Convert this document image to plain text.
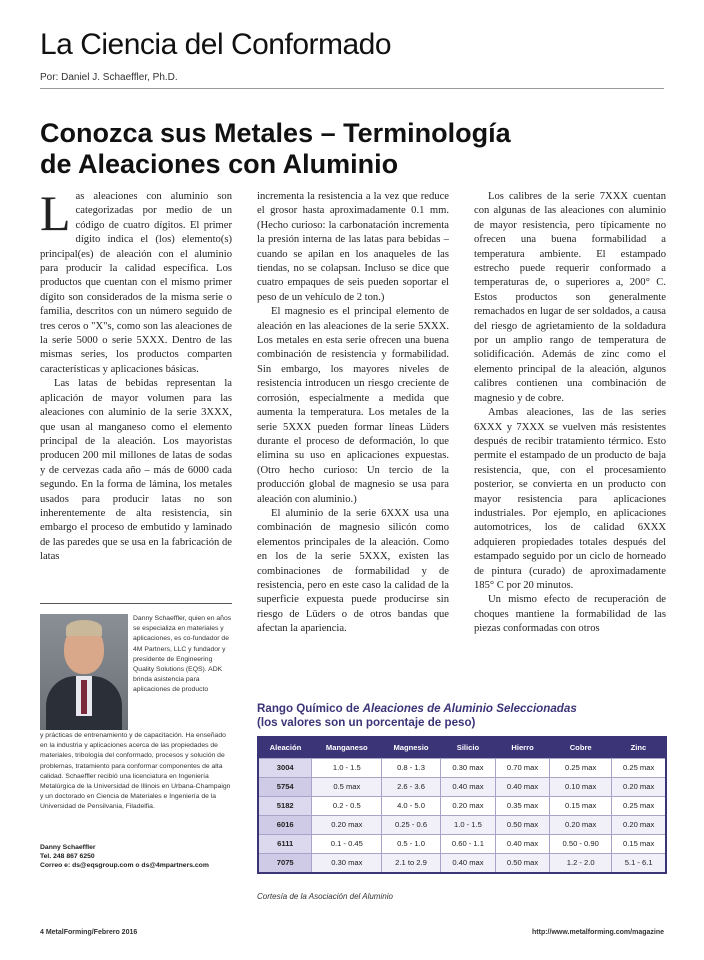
La Ciencia del Conformado
Por: Daniel J. Schaeffler, Ph.D.
Conozca sus Metales – Terminología
de Aleaciones con Aluminio

Las aleaciones con aluminio son categorizadas por medio de un código de cuatro dígitos. El primer dígito indica el (los) elemento(s) principal(es) de aleación con el aluminio para producir la calidad específica. Los productos que cuentan con el mismo primer dígito son considerados de la misma serie o familia, descritos con un número seguido de tres ceros o "X"s, como son las aleaciones de la serie 5000 o serie 5XXX. Dentro de las mismas series, los productos comparten características y aplicaciones básicas.

Las latas de bebidas representan la aplicación de mayor volumen para las aleaciones con aluminio de la serie 3XXX, que usan al manganeso como el elemento principal de la aleación. Los mayoristas producen 200 mil millones de latas de sodas y de cervezas cada año – más de 6000 cada segundo. En la forma de lámina, los metales usados para producir latas no son inherentemente de alta resistencia, sin embargo el proceso de embutido y laminado de las paredes que se usa en la fabricación de latas

incrementa la resistencia a la vez que reduce el grosor hasta aproximadamente 0.1 mm. (Hecho curioso: la carbonatación incrementa la presión interna de las latas para bebidas – cuando se apilan en los anaqueles de las tiendas, no se colapsan. Incluso se dice que cuatro empaques de seis pueden soportar el peso de un vehículo de 2 ton.)

El magnesio es el principal elemento de aleación en las aleaciones de la serie 5XXX. Los metales en esta serie ofrecen una buena combinación de resistencia y formabilidad. Sin embargo, los mayores niveles de resistencia introducen un riesgo creciente de corrosión, especialmente a medida que aumenta la temperatura. Los metales de la serie 5XXX pueden formar líneas Lüders durante el proceso de deformación, lo que elimina su uso en aplicaciones expuestas. (Otro hecho curioso: Un tercio de la producción global de magnesio se usa para aleación con aluminio.)

El aluminio de la serie 6XXX usa una combinación de magnesio silicón como elementos principales de la aleación. Como en los de la serie 5XXX, existen las combinaciones de formabilidad y de resistencia, pero en este caso la calidad de la superficie expuesta puede producirse sin riesgo de Lüders o de otros bandas que afectan la apariencia.

Los calibres de la serie 7XXX cuentan con algunas de las aleaciones con aluminio de mayor resistencia, pero típicamente no ofrecen una buena formabilidad a temperatura ambiente. El estampado estrecho puede requerir conformado a temperaturas de, o superiores a, 200° C. Estos productos son generalmente remachados en lugar de ser soldados, a causa del riesgo de agrietamiento de la soldadura por un amplio rango de temperatura de solidificación. Además de zinc como el elemento principal de la aleación, algunos calibres contienen una combinación de magnesio y de cobre.

Ambas aleaciones, las de las series 6XXX y 7XXX se vuelven más resistentes después de recibir tratamiento térmico. Esto permite el estampado de un producto de baja resistencia, que, con el procesamiento posterior, se convierta en un producto con mayor resistencia para aplicaciones industriales. Por ejemplo, en aplicaciones automotrices, los de calidad 6XXX adquieren propiedades totales después del estampado seguido por un ciclo de horneado de pintura (curado) de aproximadamente 185° C por 20 minutos.

Un mismo efecto de recuperación de choques mantiene la formabilidad de las piezas conformadas con otros

Danny Schaeffler, quien en años se especializa en materiales y aplicaciones, es co-fundador de 4M Partners, LLC y fundador y presidente de Engineering Quality Solutions (EQS). ADK brinda asistencia para aplicaciones de producto
y prácticas de entrenamiento y de capacitación. Ha enseñado en la industria y aplicaciones acerca de las propiedades de materiales, tribología del conformado, procesos y solución de problemas, tratamiento para conformar componentes de alta calidad. Schaeffler recibió una licenciatura en Ingeniería Metalúrgica de la Universidad de Illinois en Urbana-Champaign y un doctorado en Ciencia de Materiales e Ingeniería de la Universidad de Pensilvania, Filadelfia.
Danny Schaeffler
Tel. 248 867 6250
Correo e: ds@eqsgroup.com o ds@4mpartners.com
Rango Químico de Aleaciones de Aluminio Seleccionadas
(los valores son un porcentaje de peso)
Aleación	Manganeso	Magnesio	Silicio	Hierro	Cobre	Zinc
3004	1.0 - 1.5	0.8 - 1.3	0.30 max	0.70 max	0.25 max	0.25 max
5754	0.5 max	2.6 - 3.6	0.40 max	0.40 max	0.10 max	0.20 max
5182	0.2 - 0.5	4.0 - 5.0	0.20 max	0.35 max	0.15 max	0.25 max
6016	0.20 max	0.25 - 0.6	1.0 - 1.5	0.50 max	0.20 max	0.20 max
6111	0.1 - 0.45	0.5 - 1.0	0.60 - 1.1	0.40 max	0.50 - 0.90	0.15 max
7075	0.30 max	2.1 to 2.9	0.40 max	0.50 max	1.2 - 2.0	5.1 - 6.1
Cortesía de la Asociación del Aluminio
4 MetalForming/Febrero 2016	http://www.metalforming.com/magazine
